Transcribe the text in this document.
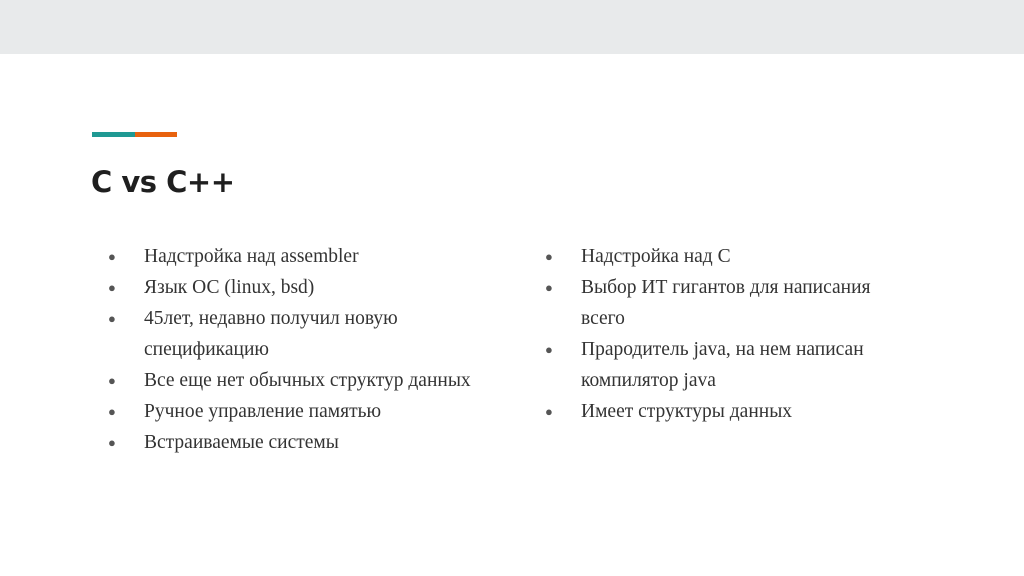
C vs C++
● Надстройка над assembler
● Язык ОС (linux, bsd)
● 45лет, недавно получил новую спецификацию
● Все еще нет обычных структур данных
● Ручное управление памятью
● Встраиваемые системы
● Надстройка над С
● Выбор ИТ гигантов для написания всего
● Прародитель java, на нем написан компилятор java
● Имеет структуры данных
